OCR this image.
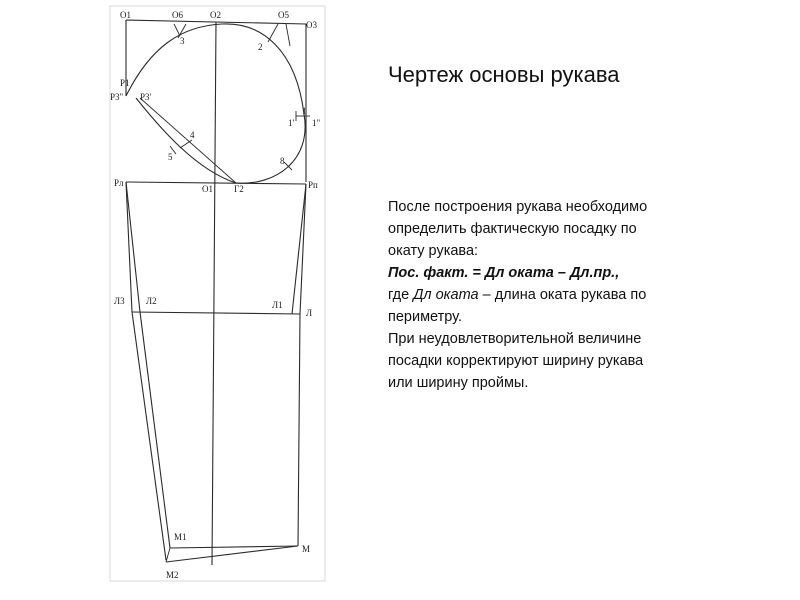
О1	О6	О2	О5
О3
3
2
Р1
Р3" Р3'
1'
1
1"
4
5	8
Рл
О1 Г2	Рп
Л3 Л2	Л1
Л
М1
М
М2
Чертеж основы рукава

После построения рукава необходимо

определить фактическую посадку по

окату рукава:

Пос. факт. = Дл оката – Дл.пр.,

где Дл оката – длина оката рукава по

периметру.

При неудовлетворительной величине

посадки корректируют ширину рукава

или ширину проймы.
